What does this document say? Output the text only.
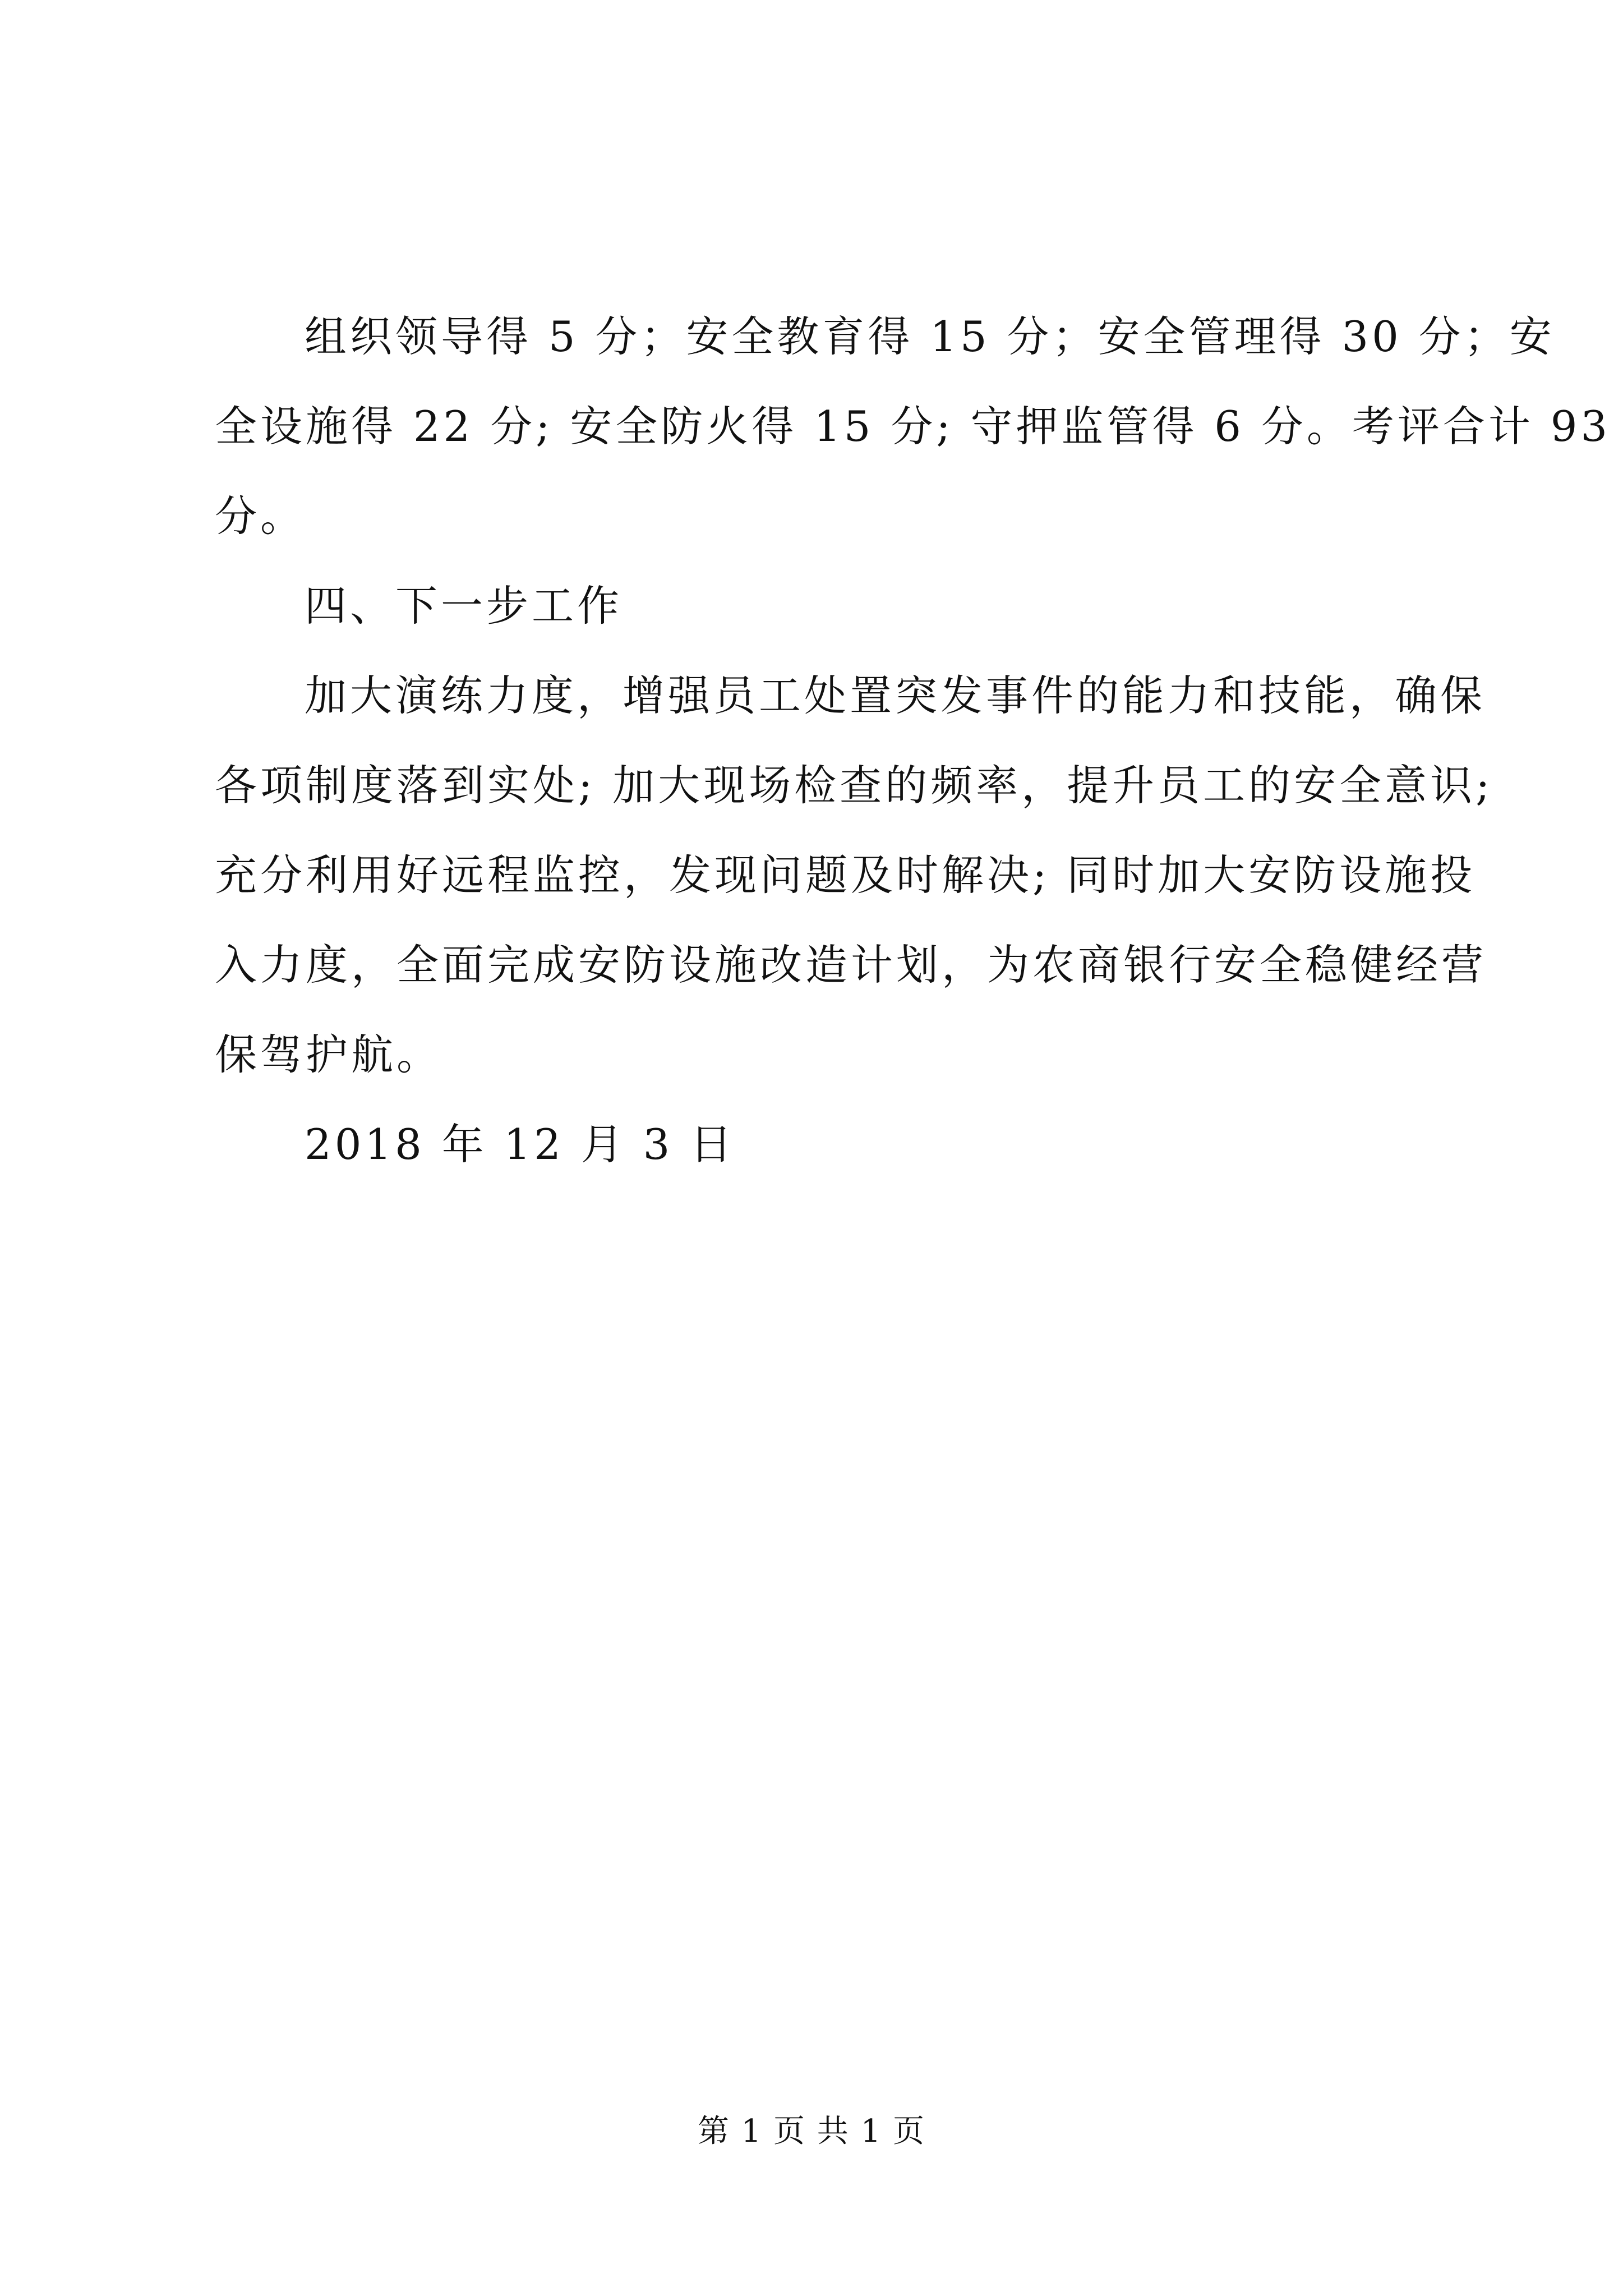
组织领导得 5 分；安全教育得 15 分；安全管理得 30 分；安
全设施得 22 分; 安全防火得 15 分; 守押监管得 6 分。考评合计 93
分。
四、下一步工作
加大演练力度，增强员工处置突发事件的能力和技能，确保
各项制度落到实处; 加大现场检查的频率，提升员工的安全意识;
充分利用好远程监控，发现问题及时解决; 同时加大安防设施投
入力度，全面完成安防设施改造计划，为农商银行安全稳健经营
保驾护航。
2018 年 12 月 3 日
第 1 页 共 1 页
